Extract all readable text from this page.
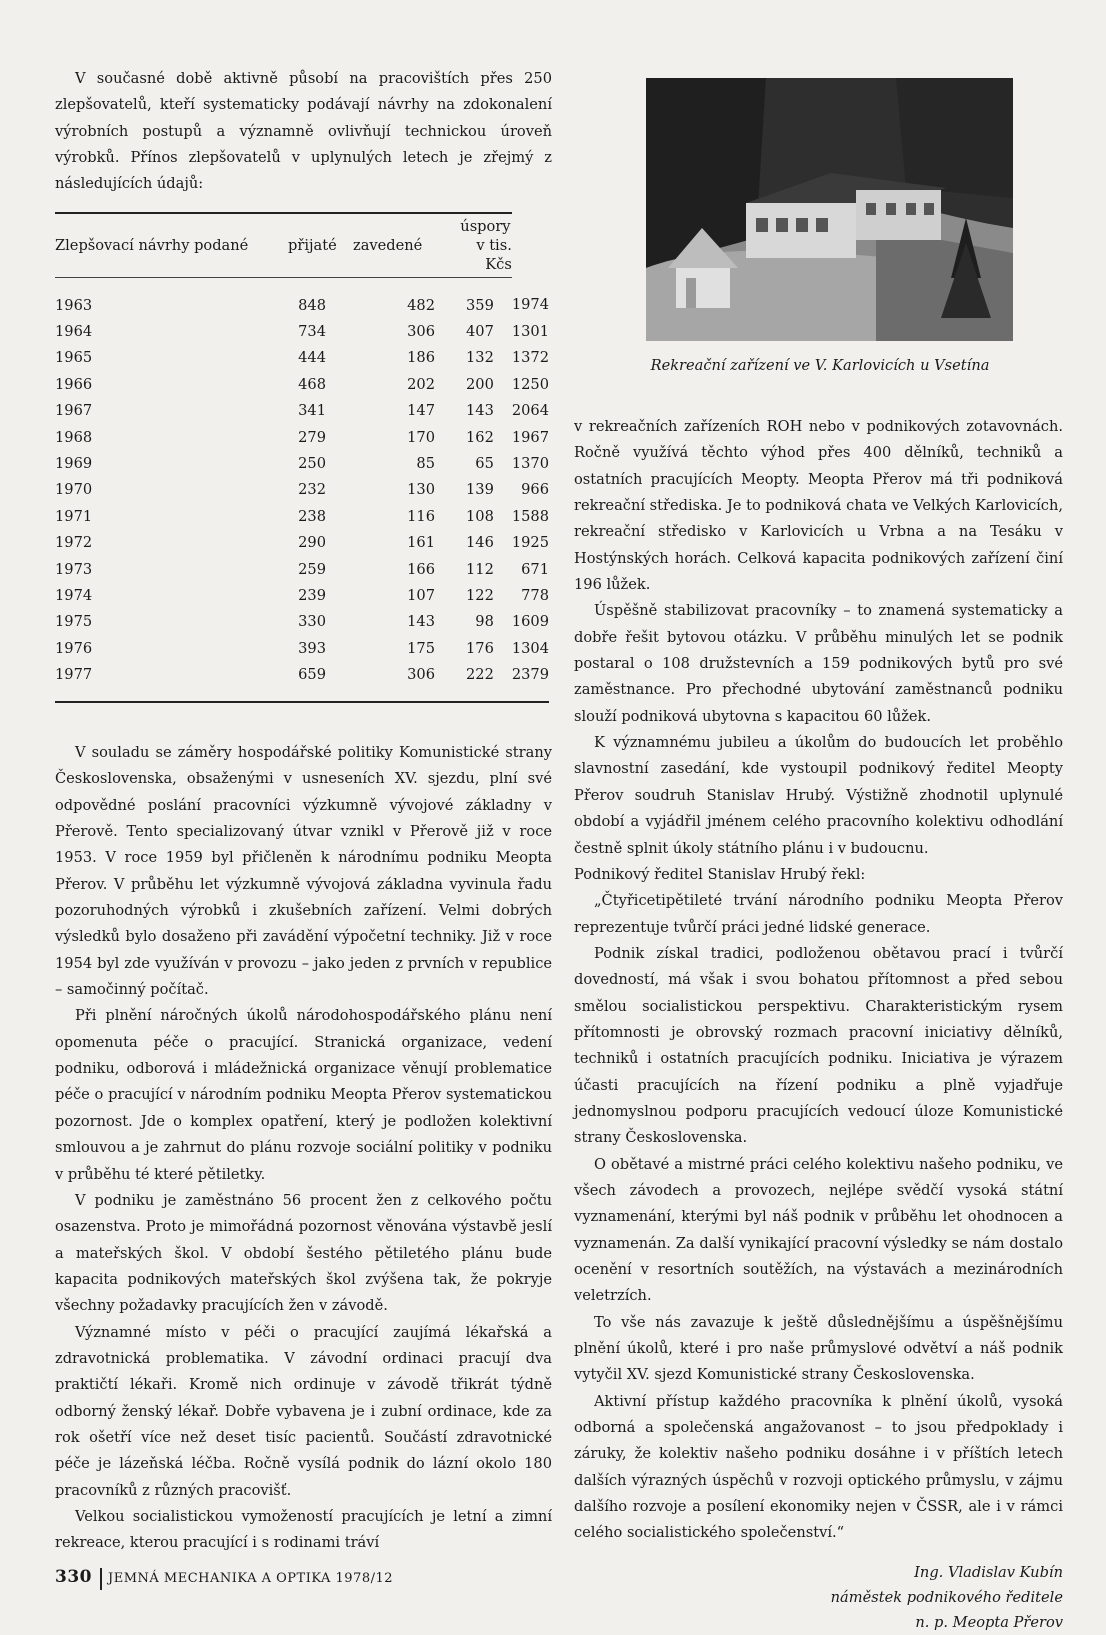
V současné době aktivně působí na pracovištích přes 250 zlepšovatelů, kteří systematicky podávají návrhy na zdokonalení výrobních postupů a významně ovlivňují technickou úroveň výrobků. Přínos zlepšovatelů v uplynulých letech je zřejmý z následujících údajů:

Zlepšovací návrhy podané	přijaté	zavedené	úspory
v tis. Kčs	

1963	848	482	359	1974
1964	734	306	407	1301
1965	444	186	132	1372
1966	468	202	200	1250
1967	341	147	143	2064
1968	279	170	162	1967
1969	250	85	65	1370
1970	232	130	139	966
1971	238	116	108	1588
1972	290	161	146	1925
1973	259	166	112	671
1974	239	107	122	778
1975	330	143	98	1609
1976	393	175	176	1304
1977	659	306	222	2379

V souladu se záměry hospodářské politiky Komunistické strany Československa, obsaženými v usneseních XV. sjezdu, plní své odpovědné poslání pracovníci výzkumně vývojové základny v Přerově. Tento specializovaný útvar vznikl v Přerově již v roce 1953. V roce 1959 byl přičleněn k národnímu podniku Meopta Přerov. V průběhu let výzkumně vývojová základna vyvinula řadu pozoruhodných výrobků i zkušebních zařízení. Velmi dobrých výsledků bylo dosaženo při zavádění výpočetní techniky. Již v roce 1954 byl zde využíván v provozu – jako jeden z prvních v republice – samočinný počítač.

Při plnění náročných úkolů národohospodářského plánu není opomenuta péče o pracující. Stranická organizace, vedení podniku, odborová i mládežnická organizace věnují problematice péče o pracující v národním podniku Meopta Přerov systematickou pozornost. Jde o komplex opatření, který je podložen kolektivní smlouvou a je zahrnut do plánu rozvoje sociální politiky v podniku v průběhu té které pětiletky.

V podniku je zaměstnáno 56 procent žen z celkového počtu osazenstva. Proto je mimořádná pozornost věnována výstavbě jeslí a mateřských škol. V období šestého pětiletého plánu bude kapacita podnikových mateřských škol zvýšena tak, že pokryje všechny požadavky pracujících žen v závodě.

Významné místo v péči o pracující zaujímá lékařská a zdravotnická problematika. V závodní ordinaci pracují dva praktičtí lékaři. Kromě nich ordinuje v závodě třikrát týdně odborný ženský lékař. Dobře vybavena je i zubní ordinace, kde za rok ošetří více než deset tisíc pacientů. Součástí zdravotnické péče je lázeňská léčba. Ročně vysílá podnik do lázní okolo 180 pracovníků z různých pracovišť.

Velkou socialistickou vymožeností pracujících je letní a zimní rekreace, kterou pracující i s rodinami tráví

Rekreační zařízení ve V. Karlovicích u Vsetína

v rekreačních zařízeních ROH nebo v podnikových zotavovnách. Ročně využívá těchto výhod přes 400 dělníků, techniků a ostatních pracujících Meopty. Meopta Přerov má tři podniková rekreační střediska. Je to podniková chata ve Velkých Karlovicích, rekreační středisko v Karlovicích u Vrbna a na Tesáku v Hostýnských horách. Celková kapacita podnikových zařízení činí 196 lůžek.

Úspěšně stabilizovat pracovníky – to znamená systematicky a dobře řešit bytovou otázku. V průběhu minulých let se podnik postaral o 108 družstevních a 159 podnikových bytů pro své zaměstnance. Pro přechodné ubytování zaměstnanců podniku slouží podniková ubytovna s kapacitou 60 lůžek.

K významnému jubileu a úkolům do budoucích let proběhlo slavnostní zasedání, kde vystoupil podnikový ředitel Meopty Přerov soudruh Stanislav Hrubý. Výstižně zhodnotil uplynulé období a vyjádřil jménem celého pracovního kolektivu odhodlání čestně splnit úkoly státního plánu i v budoucnu.

Podnikový ředitel Stanislav Hrubý řekl:

„Čtyřicetipětileté trvání národního podniku Meopta Přerov reprezentuje tvůrčí práci jedné lidské generace.

Podnik získal tradici, podloženou obětavou prací i tvůrčí dovedností, má však i svou bohatou přítomnost a před sebou smělou socialistickou perspektivu. Charakteristickým rysem přítomnosti je obrovský rozmach pracovní iniciativy dělníků, techniků i ostatních pracujících podniku. Iniciativa je výrazem účasti pracujících na řízení podniku a plně vyjadřuje jednomyslnou podporu pracujících vedoucí úloze Komunistické strany Československa.

O obětavé a mistrné práci celého kolektivu našeho podniku, ve všech závodech a provozech, nejlépe svědčí vysoká státní vyznamenání, kterými byl náš podnik v průběhu let ohodnocen a vyznamenán. Za další vynikající pracovní výsledky se nám dostalo ocenění v resortních soutěžích, na výstavách a mezinárodních veletrzích.

To vše nás zavazuje k ještě důslednějšímu a úspěšnějšímu plnění úkolů, které i pro naše průmyslové odvětví a náš podnik vytyčil XV. sjezd Komunistické strany Československa.

Aktivní přístup každého pracovníka k plnění úkolů, vysoká odborná a společenská angažovanost – to jsou předpoklady i záruky, že kolektiv našeho podniku dosáhne i v příštích letech dalších výrazných úspěchů v rozvoji optického průmyslu, v zájmu dalšího rozvoje a posílení ekonomiky nejen v ČSSR, ale i v rámci celého socialistického společenství.“

Ing. Vladislav Kubín
náměstek podnikového ředitele
n. p. Meopta Přerov
330 JEMNÁ MECHANIKA A OPTIKA 1978/12
